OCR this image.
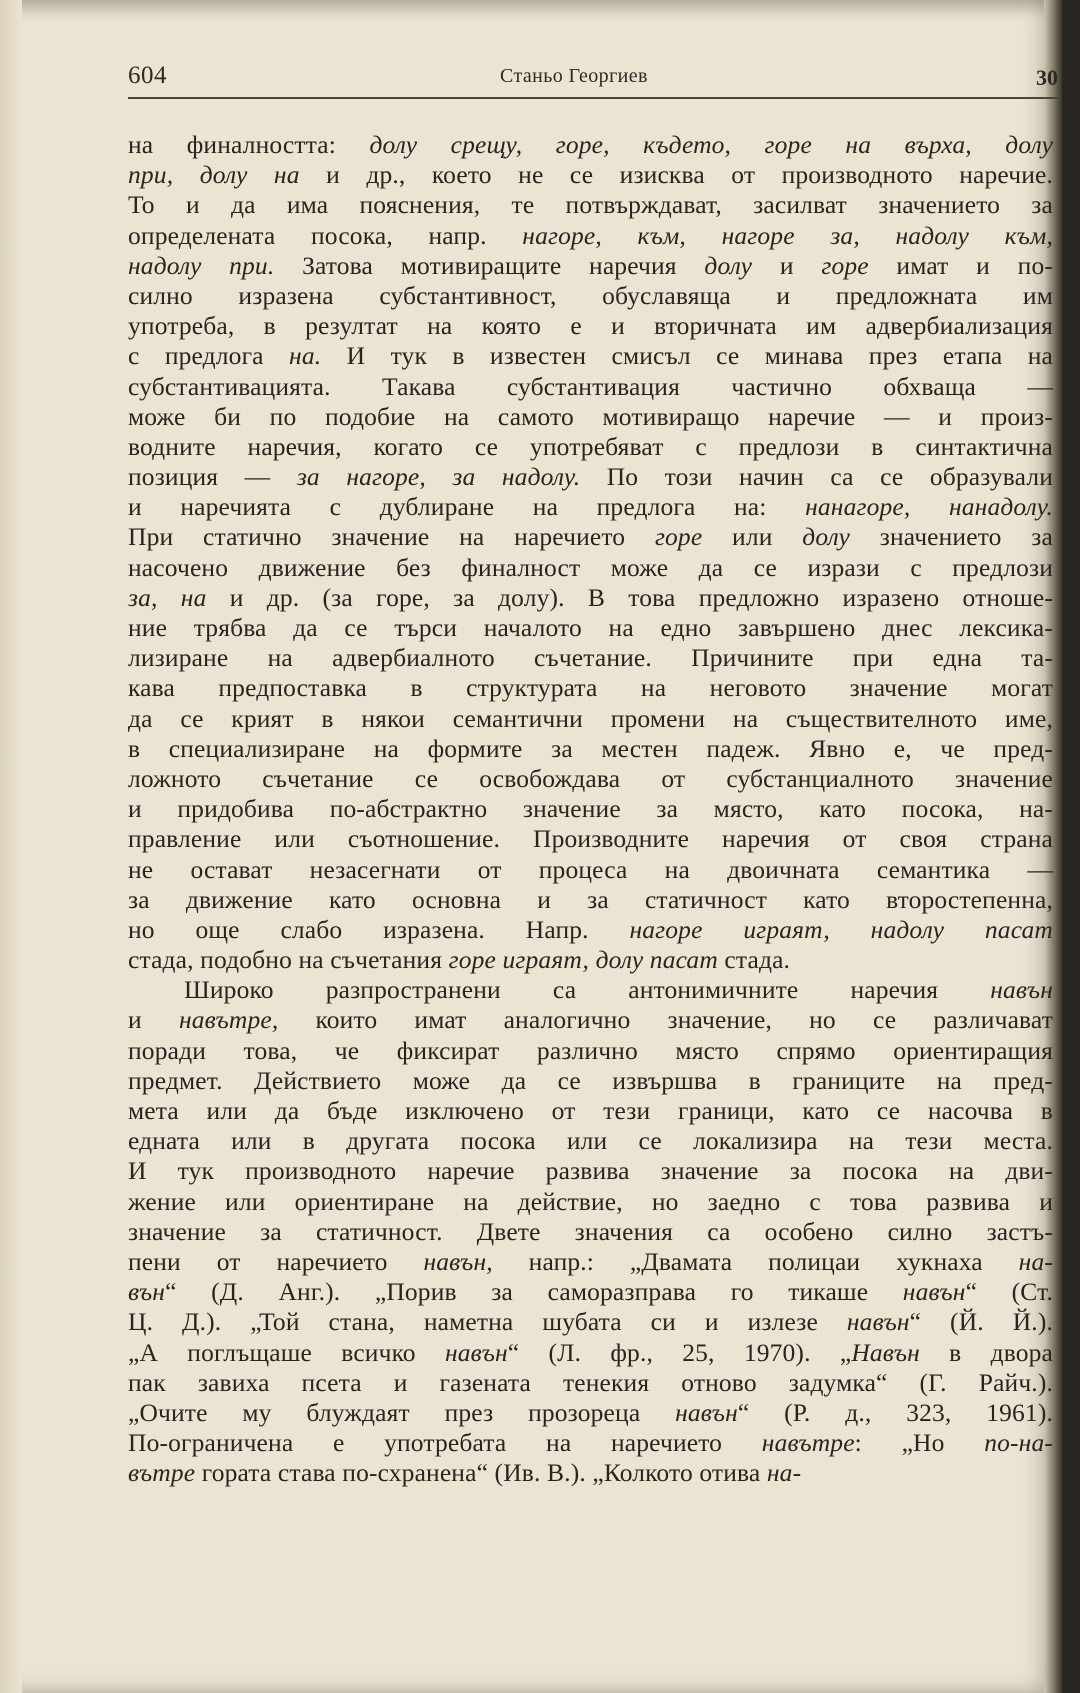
604	Станьо Георгиев	30
на финалността: долу срещу, горе, където, горе на върха, долу
при, долу на и др., което не се изисква от производното наречие.
То и да има пояснения, те потвърждават, засилват значението за
определената посока, напр. нагоре, към, нагоре за, надолу към,
надолу при. Затова мотивиращите наречия долу и горе имат и по-
силно изразена субстантивност, обуславяща и предложната им
употреба, в резултат на която е и вторичната им адвербиализация
с предлога на. И тук в известен смисъл се минава през етапа на
субстантивацията. Такава субстантивация частично обхваща —
може би по подобие на самото мотивиращо наречие — и произ-
водните наречия, когато се употребяват с предлози в синтактична
позиция — за нагоре, за надолу. По този начин са се образували
и наречията с дублиране на предлога на: нанагоре, нанадолу.
При статично значение на наречието горе или долу значението за
насочено движение без финалност може да се изрази с предлози
за, на и др. (за горе, за долу). В това предложно изразено отноше-
ние трябва да се търси началото на едно завършено днес лексика-
лизиране на адвербиалното съчетание. Причините при една та-
кава предпоставка в структурата на неговото значение могат
да се крият в някои семантични промени на съществителното име,
в специализиране на формите за местен падеж. Явно е, че пред-
ложното съчетание се освобождава от субстанциалното значение
и придобива по-абстрактно значение за място, като посока, на-
правление или съотношение. Производните наречия от своя страна
не остават незасегнати от процеса на двоичната семантика —
за движение като основна и за статичност като второстепенна,
но още слабо изразена. Напр. нагоре играят, надолу пасат
стада, подобно на съчетания горе играят, долу пасат стада.
Широко разпространени са антонимичните наречия навън
и навътре, които имат аналогично значение, но се различават
поради това, че фиксират различно място спрямо ориентиращия
предмет. Действието може да се извършва в границите на пред-
мета или да бъде изключено от тези граници, като се насочва в
едната или в другата посока или се локализира на тези места.
И тук производното наречие развива значение за посока на дви-
жение или ориентиране на действие, но заедно с това развива и
значение за статичност. Двете значения са особено силно застъ-
пени от наречието навън, напр.: „Двамата полицаи хукнаха на-
вън“ (Д. Анг.). „Порив за саморазправа го тикаше навън“ (Ст.
Ц. Д.). „Той стана, наметна шубата си и излезе навън“ (Й. Й.).
„А поглъщаше всичко навън“ (Л. фр., 25, 1970). „Навън в двора
пак завиха псета и газената тенекия отново задумка“ (Г. Райч.).
„Очите му блуждаят през прозореца навън“ (Р. д., 323, 1961).
По-ограничена е употребата на наречието навътре: „Но по-на-
вътре гората става по-схранена“ (Ив. В.). „Колкото отива на-
